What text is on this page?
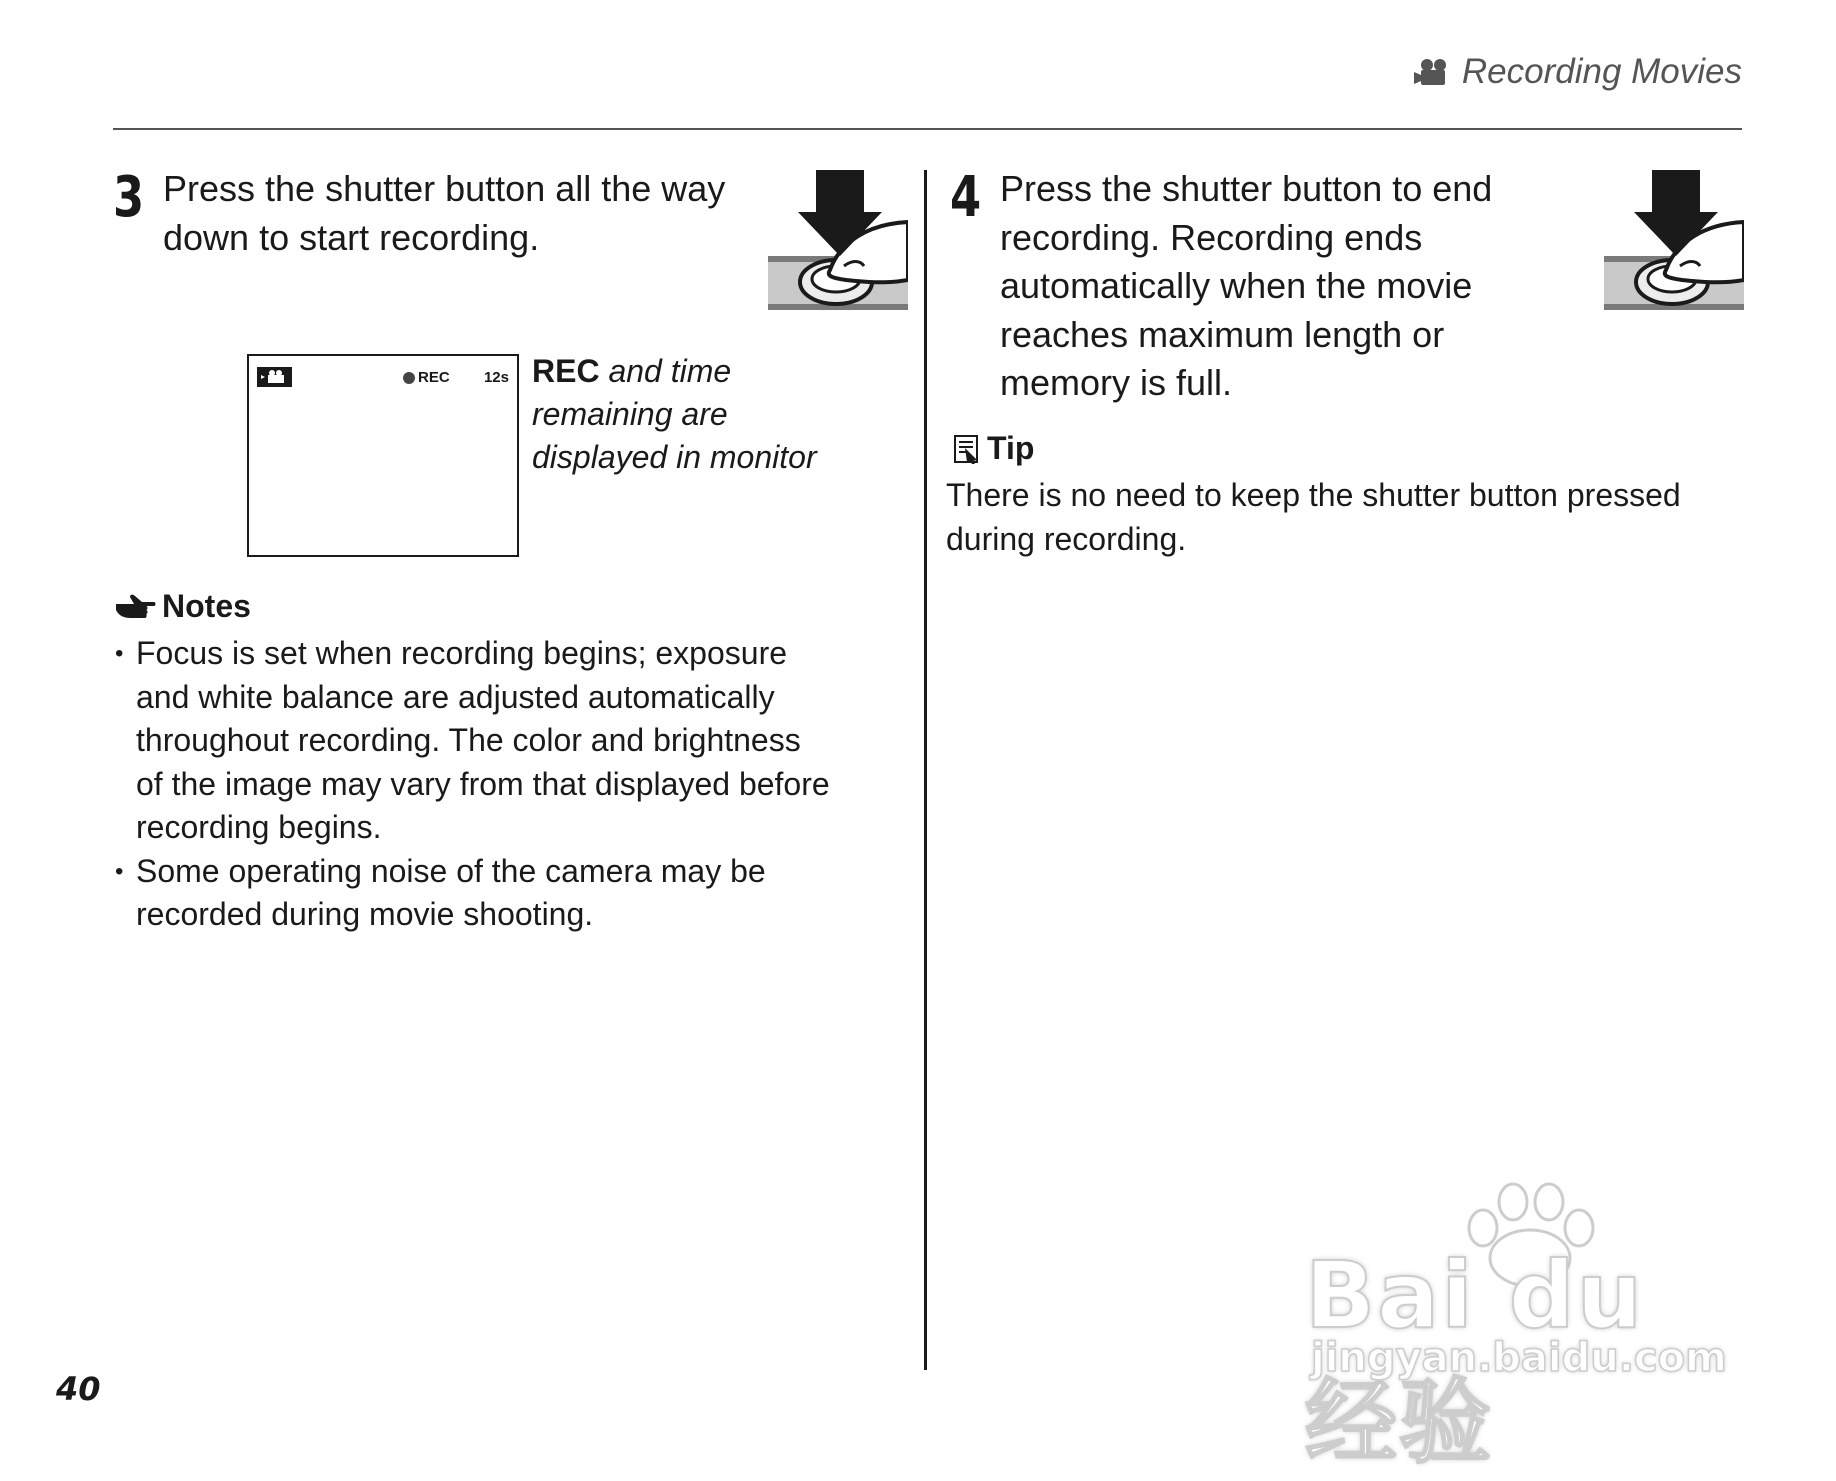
Recording Movies
3 Press the shutter button all the way
down to start recording.

REC 12s REC and time
remaining are
displayed in monitor

Notes
• Focus is set when recording begins; exposure
and white balance are adjusted automatically
throughout recording. The color and brightness
of the image may vary from that displayed before
recording begins.
• Some operating noise of the camera may be
recorded during movie shooting.
4 Press the shutter button to end
recording. Recording ends
automatically when the movie
reaches maximum length or
memory is full.

Tip

There is no need to keep the shutter button pressed
during recording.

40
Bai du 经验
jingyan.baidu.com
